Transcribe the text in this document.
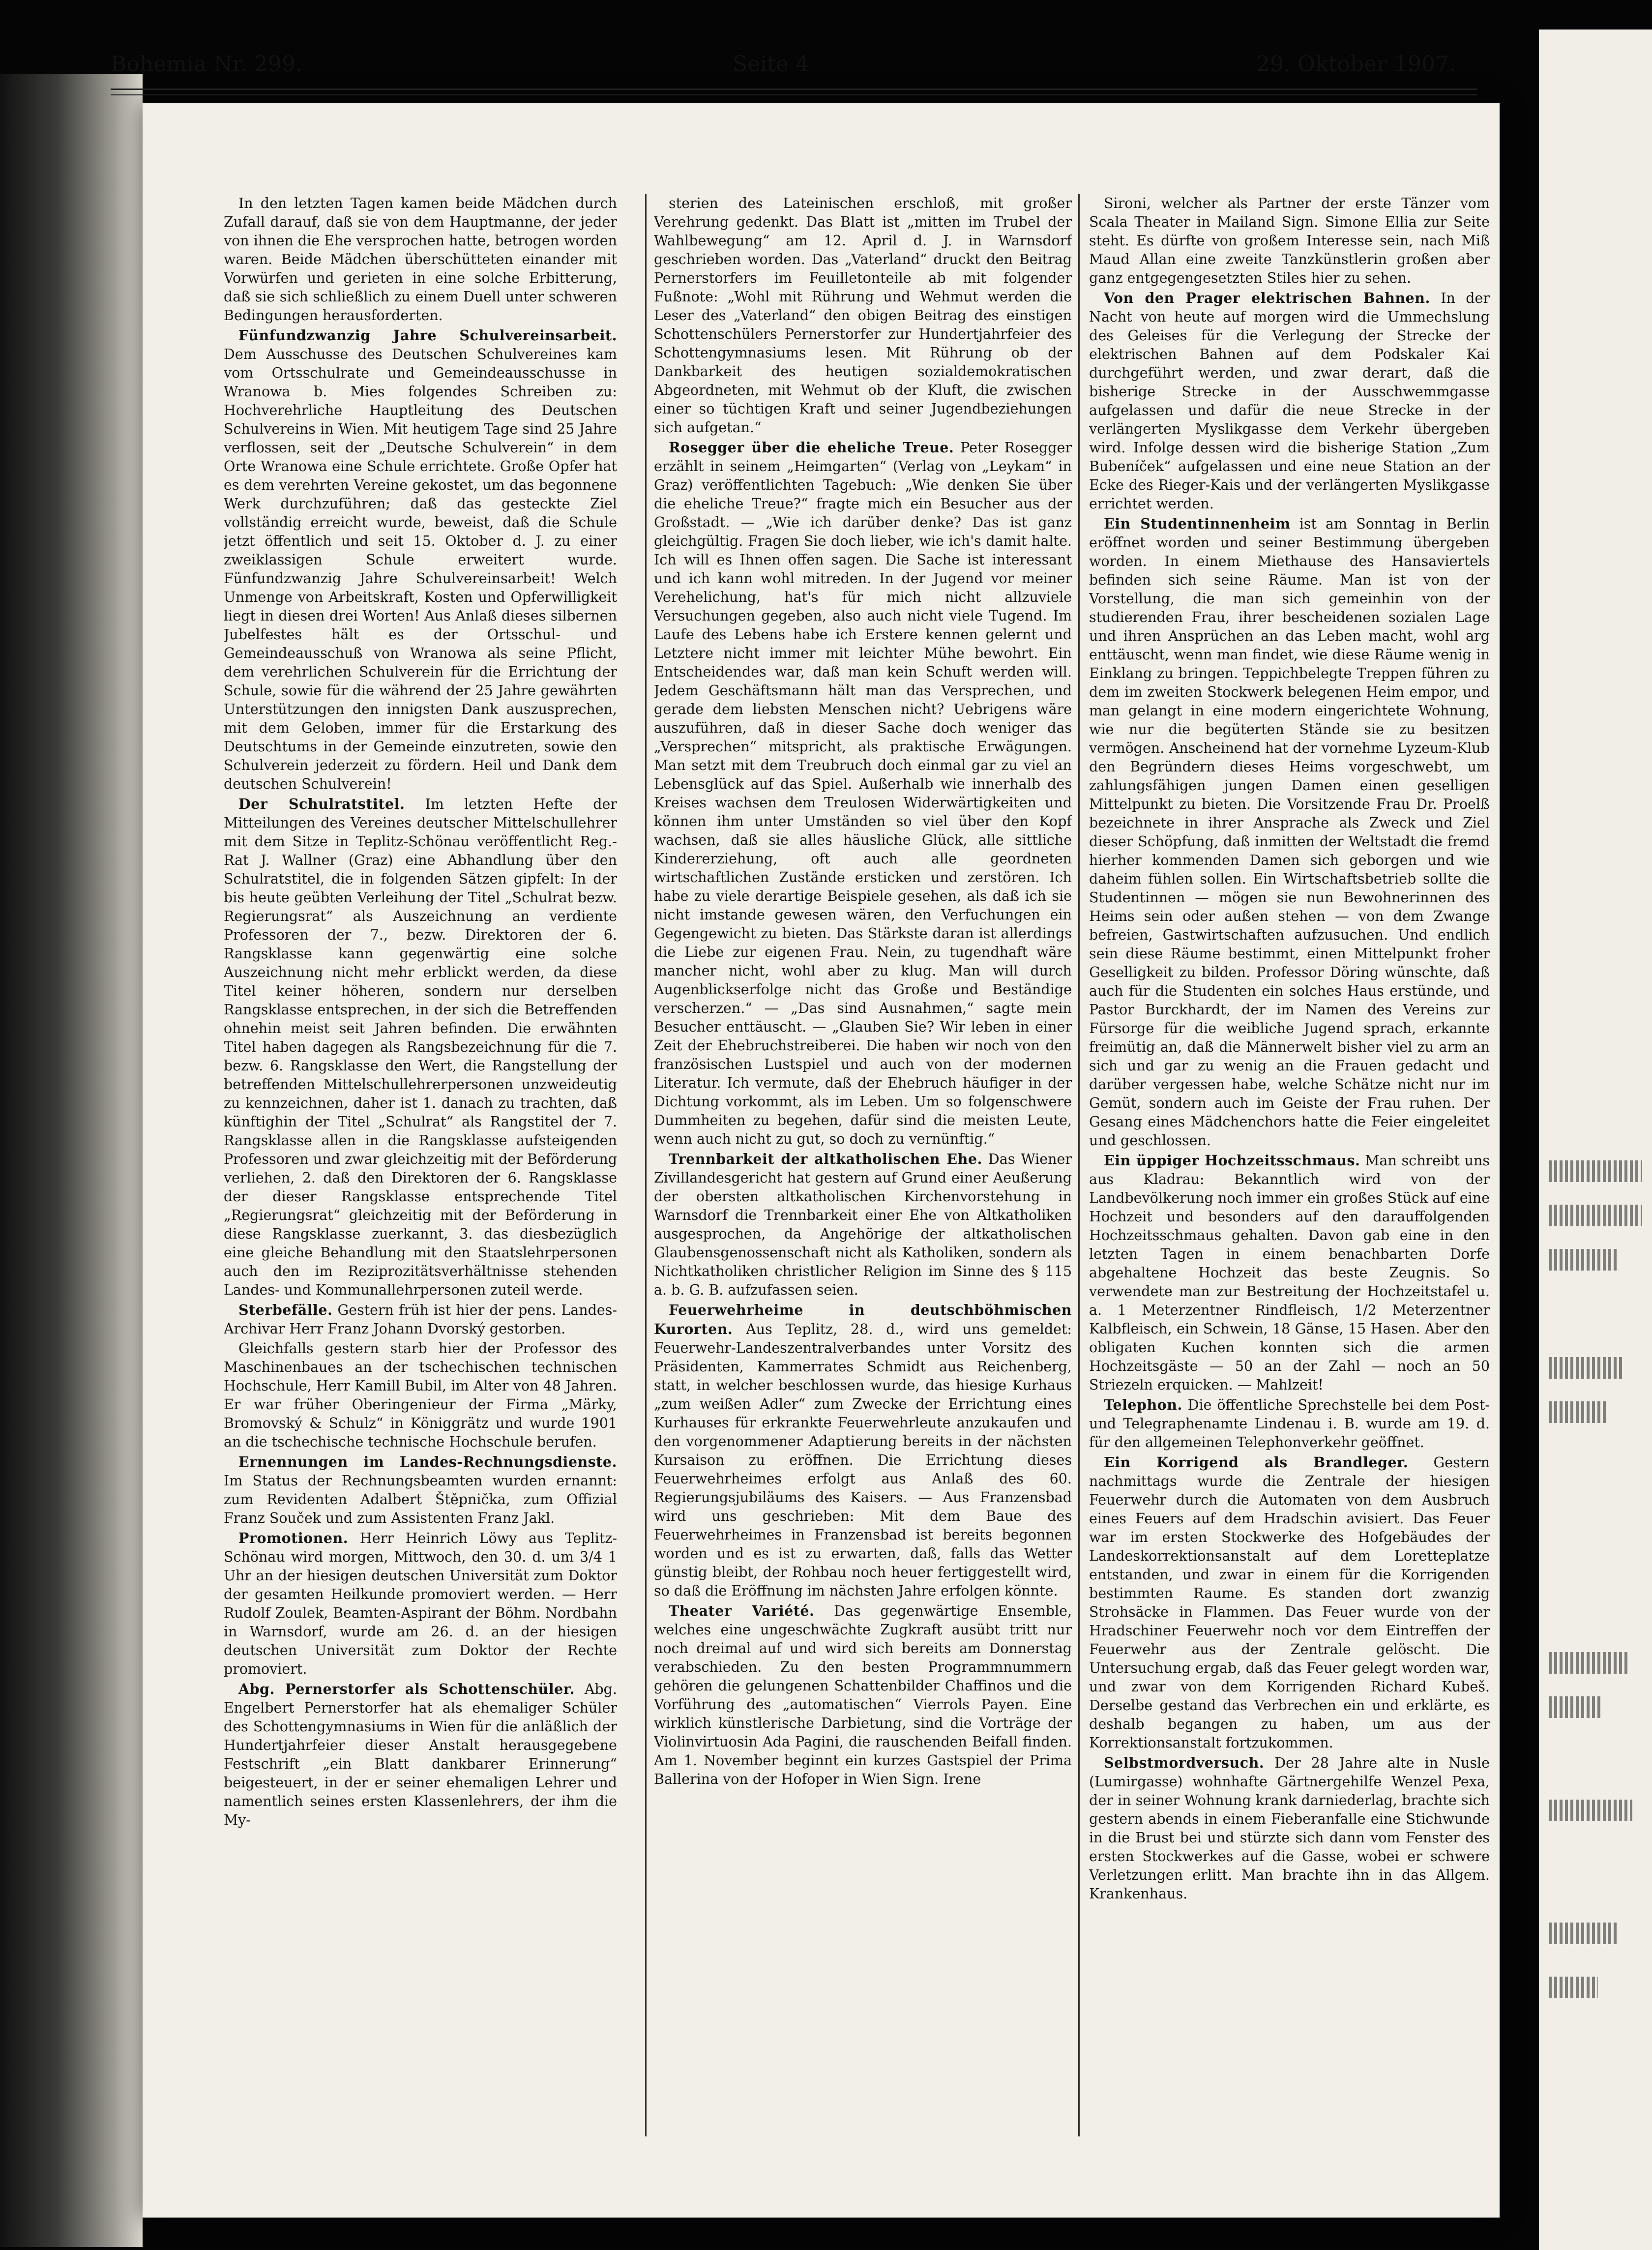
Bohemia Nr. 299.	Seite 4	29. Oktober 1907.

In den letzten Tagen kamen beide Mädchen durch Zufall darauf, daß sie von dem Hauptmanne, der jeder von ihnen die Ehe versprochen hatte, betrogen worden waren. Beide Mädchen überschütteten einander mit Vorwürfen und gerieten in eine solche Erbitterung, daß sie sich schließlich zu einem Duell unter schweren Bedingungen herausforderten.

Fünfundzwanzig Jahre Schulvereinsarbeit. Dem Ausschusse des Deutschen Schulvereines kam vom Ortsschulrate und Gemeindeausschusse in Wranowa b. Mies folgendes Schreiben zu: Hochverehrliche Hauptleitung des Deutschen Schulvereins in Wien. Mit heutigem Tage sind 25 Jahre verflossen, seit der „Deutsche Schulverein“ in dem Orte Wranowa eine Schule errichtete. Große Opfer hat es dem verehrten Vereine gekostet, um das begonnene Werk durchzuführen; daß das gesteckte Ziel vollständig erreicht wurde, beweist, daß die Schule jetzt öffentlich und seit 15. Oktober d. J. zu einer zweiklassigen Schule erweitert wurde. Fünfundzwanzig Jahre Schulvereinsarbeit! Welch Unmenge von Arbeitskraft, Kosten und Opferwilligkeit liegt in diesen drei Worten! Aus Anlaß dieses silbernen Jubelfestes hält es der Ortsschul- und Gemeindeausschuß von Wranowa als seine Pflicht, dem verehrlichen Schulverein für die Errichtung der Schule, sowie für die während der 25 Jahre gewährten Unterstützungen den innigsten Dank auszusprechen, mit dem Geloben, immer für die Erstarkung des Deutschtums in der Gemeinde einzutreten, sowie den Schulverein jederzeit zu fördern. Heil und Dank dem deutschen Schulverein!

Der Schulratstitel. Im letzten Hefte der Mitteilungen des Vereines deutscher Mittelschullehrer mit dem Sitze in Teplitz-Schönau veröffentlicht Reg.-Rat J. Wallner (Graz) eine Abhandlung über den Schulratstitel, die in folgenden Sätzen gipfelt: In der bis heute geübten Verleihung der Titel „Schulrat bezw. Regierungsrat“ als Auszeichnung an verdiente Professoren der 7., bezw. Direktoren der 6. Rangsklasse kann gegenwärtig eine solche Auszeichnung nicht mehr erblickt werden, da diese Titel keiner höheren, sondern nur derselben Rangsklasse entsprechen, in der sich die Betreffenden ohnehin meist seit Jahren befinden. Die erwähnten Titel haben dagegen als Rangsbezeichnung für die 7. bezw. 6. Rangsklasse den Wert, die Rangstellung der betreffenden Mittelschullehrerpersonen unzweideutig zu kennzeichnen, daher ist 1. danach zu trachten, daß künftighin der Titel „Schulrat“ als Rangstitel der 7. Rangsklasse allen in die Rangsklasse aufsteigenden Professoren und zwar gleichzeitig mit der Beförderung verliehen, 2. daß den Direktoren der 6. Rangsklasse der dieser Rangsklasse entsprechende Titel „Regierungsrat“ gleichzeitig mit der Beförderung in diese Rangsklasse zuerkannt, 3. das diesbezüglich eine gleiche Behandlung mit den Staatslehrpersonen auch den im Reziprozitätsverhältnisse stehenden Landes- und Kommunallehrpersonen zuteil werde.

Sterbefälle. Gestern früh ist hier der pens. Landes-Archivar Herr Franz Johann Dvorský gestorben.

Gleichfalls gestern starb hier der Professor des Maschinenbaues an der tschechischen technischen Hochschule, Herr Kamill Bubil, im Alter von 48 Jahren. Er war früher Oberingenieur der Firma „Märky, Bromovský & Schulz“ in Königgrätz und wurde 1901 an die tschechische technische Hochschule berufen.

Ernennungen im Landes-Rechnungsdienste. Im Status der Rechnungsbeamten wurden ernannt: zum Revidenten Adalbert Štěpnička, zum Offizial Franz Souček und zum Assistenten Franz Jakl.

Promotionen. Herr Heinrich Löwy aus Teplitz-Schönau wird morgen, Mittwoch, den 30. d. um 3/4 1 Uhr an der hiesigen deutschen Universität zum Doktor der gesamten Heilkunde promoviert werden. — Herr Rudolf Zoulek, Beamten-Aspirant der Böhm. Nordbahn in Warnsdorf, wurde am 26. d. an der hiesigen deutschen Universität zum Doktor der Rechte promoviert.

Abg. Pernerstorfer als Schottenschüler. Abg. Engelbert Pernerstorfer hat als ehemaliger Schüler des Schottengymnasiums in Wien für die anläßlich der Hundertjahrfeier dieser Anstalt herausgegebene Festschrift „ein Blatt dankbarer Erinnerung“ beigesteuert, in der er seiner ehemaligen Lehrer und namentlich seines ersten Klassenlehrers, der ihm die My-

sterien des Lateinischen erschloß, mit großer Verehrung gedenkt. Das Blatt ist „mitten im Trubel der Wahlbewegung“ am 12. April d. J. in Warnsdorf geschrieben worden. Das „Vaterland“ druckt den Beitrag Pernerstorfers im Feuilletonteile ab mit folgender Fußnote: „Wohl mit Rührung und Wehmut werden die Leser des „Vaterland“ den obigen Beitrag des einstigen Schottenschülers Pernerstorfer zur Hundertjahrfeier des Schottengymnasiums lesen. Mit Rührung ob der Dankbarkeit des heutigen sozialdemokratischen Abgeordneten, mit Wehmut ob der Kluft, die zwischen einer so tüchtigen Kraft und seiner Jugendbeziehungen sich aufgetan.“

Rosegger über die eheliche Treue. Peter Rosegger erzählt in seinem „Heimgarten“ (Verlag von „Leykam“ in Graz) veröffentlichten Tagebuch: „Wie denken Sie über die eheliche Treue?“ fragte mich ein Besucher aus der Großstadt. — „Wie ich darüber denke? Das ist ganz gleichgültig. Fragen Sie doch lieber, wie ich's damit halte. Ich will es Ihnen offen sagen. Die Sache ist interessant und ich kann wohl mitreden. In der Jugend vor meiner Verehelichung, hat's für mich nicht allzuviele Versuchungen gegeben, also auch nicht viele Tugend. Im Laufe des Lebens habe ich Erstere kennen gelernt und Letztere nicht immer mit leichter Mühe bewohrt. Ein Entscheidendes war, daß man kein Schuft werden will. Jedem Geschäftsmann hält man das Versprechen, und gerade dem liebsten Menschen nicht? Uebrigens wäre auszuführen, daß in dieser Sache doch weniger das „Versprechen“ mitspricht, als praktische Erwägungen. Man setzt mit dem Treubruch doch einmal gar zu viel an Lebensglück auf das Spiel. Außerhalb wie innerhalb des Kreises wachsen dem Treulosen Widerwärtigkeiten und können ihm unter Umständen so viel über den Kopf wachsen, daß sie alles häusliche Glück, alle sittliche Kindererziehung, oft auch alle geordneten wirtschaftlichen Zustände ersticken und zerstören. Ich habe zu viele derartige Beispiele gesehen, als daß ich sie nicht imstande gewesen wären, den Verfuchungen ein Gegengewicht zu bieten. Das Stärkste daran ist allerdings die Liebe zur eigenen Frau. Nein, zu tugendhaft wäre mancher nicht, wohl aber zu klug. Man will durch Augenblickserfolge nicht das Große und Beständige verscherzen.“ — „Das sind Ausnahmen,“ sagte mein Besucher enttäuscht. — „Glauben Sie? Wir leben in einer Zeit der Ehebruchstreiberei. Die haben wir noch von den französischen Lustspiel und auch von der modernen Literatur. Ich vermute, daß der Ehebruch häufiger in der Dichtung vorkommt, als im Leben. Um so folgenschwere Dummheiten zu begehen, dafür sind die meisten Leute, wenn auch nicht zu gut, so doch zu vernünftig.“

Trennbarkeit der altkatholischen Ehe. Das Wiener Zivillandesgericht hat gestern auf Grund einer Aeußerung der obersten altkatholischen Kirchenvorstehung in Warnsdorf die Trennbarkeit einer Ehe von Altkatholiken ausgesprochen, da Angehörige der altkatholischen Glaubensgenossenschaft nicht als Katholiken, sondern als Nichtkatholiken christlicher Religion im Sinne des § 115 a. b. G. B. aufzufassen seien.

Feuerwehrheime in deutschböhmischen Kurorten. Aus Teplitz, 28. d., wird uns gemeldet: Feuerwehr-Landeszentralverbandes unter Vorsitz des Präsidenten, Kammerrates Schmidt aus Reichenberg, statt, in welcher beschlossen wurde, das hiesige Kurhaus „zum weißen Adler“ zum Zwecke der Errichtung eines Kurhauses für erkrankte Feuerwehrleute anzukaufen und den vorgenommener Adaptierung bereits in der nächsten Kursaison zu eröffnen. Die Errichtung dieses Feuerwehrheimes erfolgt aus Anlaß des 60. Regierungsjubiläums des Kaisers. — Aus Franzensbad wird uns geschrieben: Mit dem Baue des Feuerwehrheimes in Franzensbad ist bereits begonnen worden und es ist zu erwarten, daß, falls das Wetter günstig bleibt, der Rohbau noch heuer fertiggestellt wird, so daß die Eröffnung im nächsten Jahre erfolgen könnte.

Theater Variété. Das gegenwärtige Ensemble, welches eine ungeschwächte Zugkraft ausübt tritt nur noch dreimal auf und wird sich bereits am Donnerstag verabschieden. Zu den besten Programmnummern gehören die gelungenen Schattenbilder Chaffinos und die Vorführung des „automatischen“ Vierrols Payen. Eine wirklich künstlerische Darbietung, sind die Vorträge der Violinvirtuosin Ada Pagini, die rauschenden Beifall finden. Am 1. November beginnt ein kurzes Gastspiel der Prima Ballerina von der Hofoper in Wien Sign. Irene

Sironi, welcher als Partner der erste Tänzer vom Scala Theater in Mailand Sign. Simone Ellia zur Seite steht. Es dürfte von großem Interesse sein, nach Miß Maud Allan eine zweite Tanzkünstlerin großen aber ganz entgegengesetzten Stiles hier zu sehen.

Von den Prager elektrischen Bahnen. In der Nacht von heute auf morgen wird die Ummechslung des Geleises für die Verlegung der Strecke der elektrischen Bahnen auf dem Podskaler Kai durchgeführt werden, und zwar derart, daß die bisherige Strecke in der Ausschwemmgasse aufgelassen und dafür die neue Strecke in der verlängerten Myslikgasse dem Verkehr übergeben wird. Infolge dessen wird die bisherige Station „Zum Bubeníček“ aufgelassen und eine neue Station an der Ecke des Rieger-Kais und der verlängerten Myslikgasse errichtet werden.

Ein Studentinnenheim ist am Sonntag in Berlin eröffnet worden und seiner Bestimmung übergeben worden. In einem Miethause des Hansaviertels befinden sich seine Räume. Man ist von der Vorstellung, die man sich gemeinhin von der studierenden Frau, ihrer bescheidenen sozialen Lage und ihren Ansprüchen an das Leben macht, wohl arg enttäuscht, wenn man findet, wie diese Räume wenig in Einklang zu bringen. Teppichbelegte Treppen führen zu dem im zweiten Stockwerk belegenen Heim empor, und man gelangt in eine modern eingerichtete Wohnung, wie nur die begüterten Stände sie zu besitzen vermögen. Anscheinend hat der vornehme Lyzeum-Klub den Begründern dieses Heims vorgeschwebt, um zahlungsfähigen jungen Damen einen geselligen Mittelpunkt zu bieten. Die Vorsitzende Frau Dr. Proelß bezeichnete in ihrer Ansprache als Zweck und Ziel dieser Schöpfung, daß inmitten der Weltstadt die fremd hierher kommenden Damen sich geborgen und wie daheim fühlen sollen. Ein Wirtschaftsbetrieb sollte die Studentinnen — mögen sie nun Bewohnerinnen des Heims sein oder außen stehen — von dem Zwange befreien, Gastwirtschaften aufzusuchen. Und endlich sein diese Räume bestimmt, einen Mittelpunkt froher Geselligkeit zu bilden. Professor Döring wünschte, daß auch für die Studenten ein solches Haus erstünde, und Pastor Burckhardt, der im Namen des Vereins zur Fürsorge für die weibliche Jugend sprach, erkannte freimütig an, daß die Männerwelt bisher viel zu arm an sich und gar zu wenig an die Frauen gedacht und darüber vergessen habe, welche Schätze nicht nur im Gemüt, sondern auch im Geiste der Frau ruhen. Der Gesang eines Mädchenchors hatte die Feier eingeleitet und geschlossen.

Ein üppiger Hochzeitsschmaus. Man schreibt uns aus Kladrau: Bekanntlich wird von der Landbevölkerung noch immer ein großes Stück auf eine Hochzeit und besonders auf den darauffolgenden Hochzeitsschmaus gehalten. Davon gab eine in den letzten Tagen in einem benachbarten Dorfe abgehaltene Hochzeit das beste Zeugnis. So verwendete man zur Bestreitung der Hochzeitstafel u. a. 1 Meterzentner Rindfleisch, 1/2 Meterzentner Kalbfleisch, ein Schwein, 18 Gänse, 15 Hasen. Aber den obligaten Kuchen konnten sich die armen Hochzeitsgäste — 50 an der Zahl — noch an 50 Striezeln erquicken. — Mahlzeit!

Telephon. Die öffentliche Sprechstelle bei dem Post- und Telegraphenamte Lindenau i. B. wurde am 19. d. für den allgemeinen Telephonverkehr geöffnet.

Ein Korrigend als Brandleger. Gestern nachmittags wurde die Zentrale der hiesigen Feuerwehr durch die Automaten von dem Ausbruch eines Feuers auf dem Hradschin avisiert. Das Feuer war im ersten Stockwerke des Hofgebäudes der Landeskorrektionsanstalt auf dem Loretteplatze entstanden, und zwar in einem für die Korrigenden bestimmten Raume. Es standen dort zwanzig Strohsäcke in Flammen. Das Feuer wurde von der Hradschiner Feuerwehr noch vor dem Eintreffen der Feuerwehr aus der Zentrale gelöscht. Die Untersuchung ergab, daß das Feuer gelegt worden war, und zwar von dem Korrigenden Richard Kubeš. Derselbe gestand das Verbrechen ein und erklärte, es deshalb begangen zu haben, um aus der Korrektionsanstalt fortzukommen.

Selbstmordversuch. Der 28 Jahre alte in Nusle (Lumirgasse) wohnhafte Gärtnergehilfe Wenzel Pexa, der in seiner Wohnung krank darniederlag, brachte sich gestern abends in einem Fieberanfalle eine Stichwunde in die Brust bei und stürzte sich dann vom Fenster des ersten Stockwerkes auf die Gasse, wobei er schwere Verletzungen erlitt. Man brachte ihn in das Allgem. Krankenhaus.
